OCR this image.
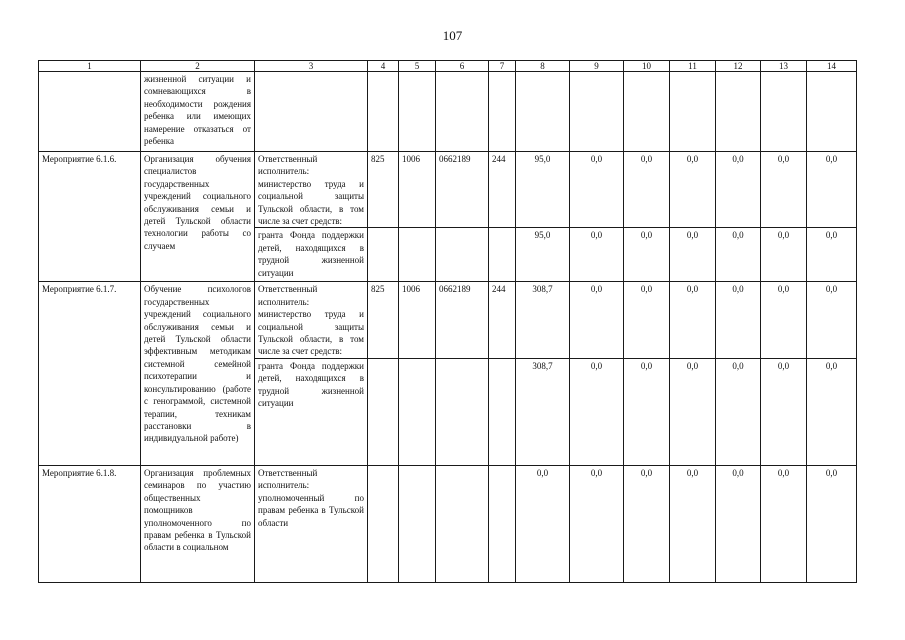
107
1	2	3	4	5	6	7	8	9	10	11	12	13	14
	жизненной ситуации и сомневающихся в необходимости рождения ребенка или имеющих намерение отказаться от ребенка												
Мероприятие 6.1.6.	Организация обучения специалистов государственных учреждений социального обслуживания семьи и детей Тульской области технологии работы со случаем	Ответственный исполнитель: министерство труда и социальной защиты Тульской области, в том числе за счет средств:	825	1006	0662189	244	95,0	0,0	0,0	0,0	0,0	0,0	0,0
		гранта Фонда поддержки детей, находящихся в трудной жизненной ситуации					95,0	0,0	0,0	0,0	0,0	0,0	0,0
Мероприятие 6.1.7.	Обучение психологов государственных учреждений социального обслуживания семьи и детей Тульской области эффективным методикам системной семейной психотерапии и консультированию (работе с генограммой, системной терапии, техникам расстановки в индивидуальной работе)	Ответственный исполнитель: министерство труда и социальной защиты Тульской области, в том числе за счет средств:	825	1006	0662189	244	308,7	0,0	0,0	0,0	0,0	0,0	0,0
		гранта Фонда поддержки детей, находящихся в трудной жизненной ситуации					308,7	0,0	0,0	0,0	0,0	0,0	0,0
Мероприятие 6.1.8.	Организация проблемных семинаров по участию общественных помощников уполномоченного по правам ребенка в Тульской области в социальном	Ответственный исполнитель: уполномоченный по правам ребенка в Тульской области					0,0	0,0	0,0	0,0	0,0	0,0	0,0
